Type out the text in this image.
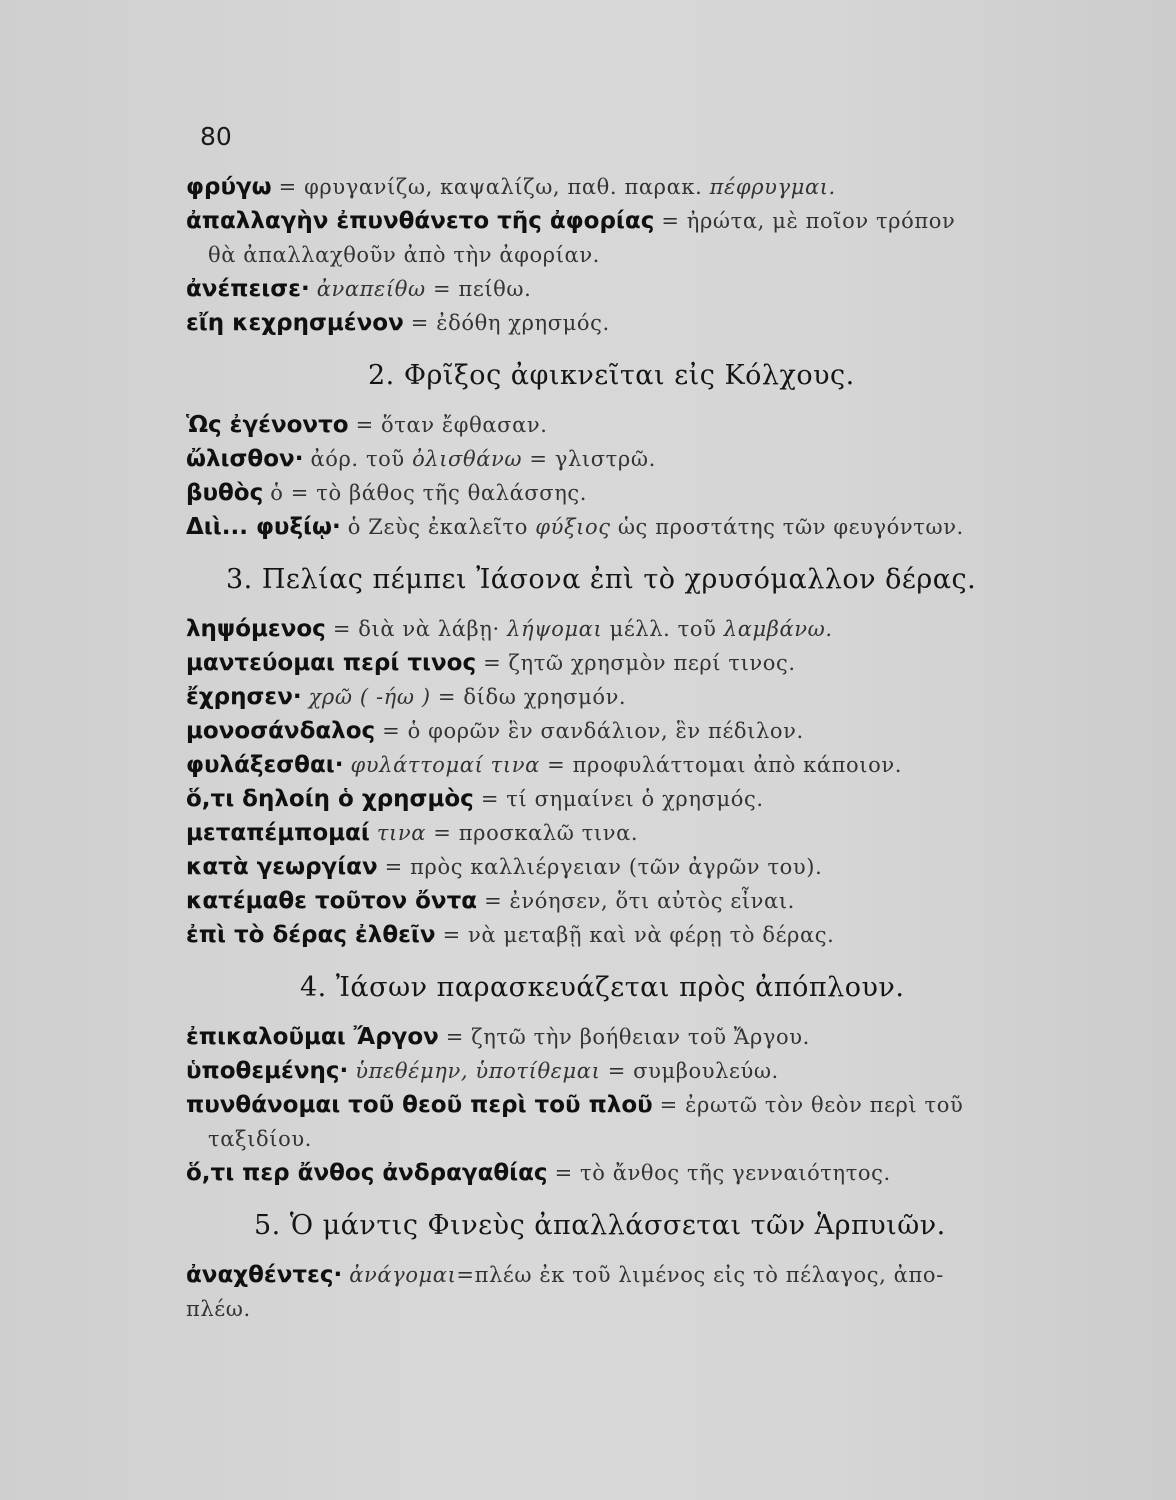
80
φρύγω = φρυγανίζω, καψαλίζω, παθ. παρακ. πέφρυγμαι.
ἀπαλλαγὴν ἐπυνθάνετο τῆς ἀφορίας = ἠρώτα, μὲ ποῖον τρόπον
θὰ ἀπαλλαχθοῦν ἀπὸ τὴν ἀφορίαν.
ἀνέπεισε· ἀναπείθω = πείθω.
εἴη κεχρησμένον = ἐδόθη χρησμός.
2. Φρῖξος ἀφικνεῖται εἰς Κόλχους.
Ὡς ἐγένοντο = ὅταν ἔφθασαν.
ὤλισθον· ἀόρ. τοῦ ὀλισθάνω = γλιστρῶ.
βυθὸς ὁ = τὸ βάθος τῆς θαλάσσης.
Διὶ... φυξίῳ· ὁ Ζεὺς ἐκαλεῖτο φύξιος ὡς προστάτης τῶν φευγόντων.
3. Πελίας πέμπει Ἰάσονα ἐπὶ τὸ χρυσόμαλλον δέρας.
ληψόμενος = διὰ νὰ λάβῃ· λήψομαι μέλλ. τοῦ λαμβάνω.
μαντεύομαι περί τινος = ζητῶ χρησμὸν περί τινος.
ἔχρησεν· χρῶ ( -ήω ) = δίδω χρησμόν.
μονοσάνδαλος = ὁ φορῶν ἓν σανδάλιον, ἓν πέδιλον.
φυλάξεσθαι· φυλάττομαί τινα = προφυλάττομαι ἀπὸ κάποιον.
ὅ,τι δηλοίη ὁ χρησμὸς = τί σημαίνει ὁ χρησμός.
μεταπέμπομαί τινα = προσκαλῶ τινα.
κατὰ γεωργίαν = πρὸς καλλιέργειαν (τῶν ἀγρῶν του).
κατέμαθε τοῦτον ὄντα = ἐνόησεν, ὅτι αὐτὸς εἶναι.
ἐπὶ τὸ δέρας ἐλθεῖν = νὰ μεταβῇ καὶ νὰ φέρῃ τὸ δέρας.
4. Ἰάσων παρασκευάζεται πρὸς ἀπόπλουν.
ἐπικαλοῦμαι Ἄργον = ζητῶ τὴν βοήθειαν τοῦ Ἄργου.
ὑποθεμένης· ὑπεθέμην, ὑποτίθεμαι = συμβουλεύω.
πυνθάνομαι τοῦ θεοῦ περὶ τοῦ πλοῦ = ἐρωτῶ τὸν θεὸν περὶ τοῦ
ταξιδίου.
ὅ,τι περ ἄνθος ἀνδραγαθίας = τὸ ἄνθος τῆς γενναιότητος.
5. Ὁ μάντις Φινεὺς ἀπαλλάσσεται τῶν Ἁρπυιῶν.
ἀναχθέντες· ἀνάγομαι=πλέω ἐκ τοῦ λιμένος εἰς τὸ πέλαγος, ἀπο-
πλέω.
